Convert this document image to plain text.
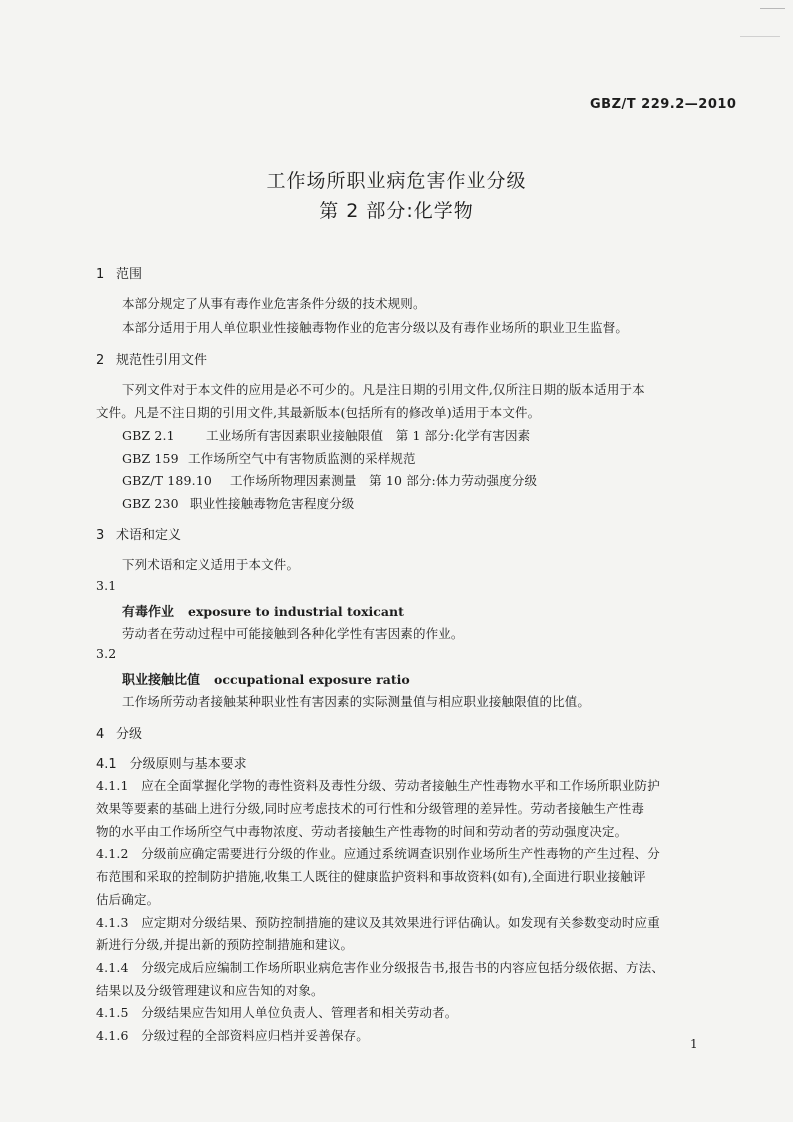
GBZ/T 229.2—2010
工作场所职业病危害作业分级
第 2 部分:化学物
1 范围
本部分规定了从事有毒作业危害条件分级的技术规则。
本部分适用于用人单位职业性接触毒物作业的危害分级以及有毒作业场所的职业卫生监督。
2 规范性引用文件
下列文件对于本文件的应用是必不可少的。凡是注日期的引用文件,仅所注日期的版本适用于本
文件。凡是不注日期的引用文件,其最新版本(包括所有的修改单)适用于本文件。
GBZ 2.1 工业场所有害因素职业接触限值　第 1 部分:化学有害因素
GBZ 159 工作场所空气中有害物质监测的采样规范
GBZ/T 189.10 工作场所物理因素测量　第 10 部分:体力劳动强度分级
GBZ 230 职业性接触毒物危害程度分级
3 术语和定义
下列术语和定义适用于本文件。
3.1
有毒作业 exposure to industrial toxicant
劳动者在劳动过程中可能接触到各种化学性有害因素的作业。
3.2
职业接触比值 occupational exposure ratio
工作场所劳动者接触某种职业性有害因素的实际测量值与相应职业接触限值的比值。
4 分级
4.1　分级原则与基本要求
4.1.1　应在全面掌握化学物的毒性资料及毒性分级、劳动者接触生产性毒物水平和工作场所职业防护
效果等要素的基础上进行分级,同时应考虑技术的可行性和分级管理的差异性。劳动者接触生产性毒
物的水平由工作场所空气中毒物浓度、劳动者接触生产性毒物的时间和劳动者的劳动强度决定。
4.1.2　分级前应确定需要进行分级的作业。应通过系统调查识别作业场所生产性毒物的产生过程、分
布范围和采取的控制防护措施,收集工人既往的健康监护资料和事故资料(如有),全面进行职业接触评
估后确定。
4.1.3　应定期对分级结果、预防控制措施的建议及其效果进行评估确认。如发现有关参数变动时应重
新进行分级,并提出新的预防控制措施和建议。
4.1.4　分级完成后应编制工作场所职业病危害作业分级报告书,报告书的内容应包括分级依据、方法、
结果以及分级管理建议和应告知的对象。
4.1.5　分级结果应告知用人单位负责人、管理者和相关劳动者。
4.1.6　分级过程的全部资料应归档并妥善保存。
1
